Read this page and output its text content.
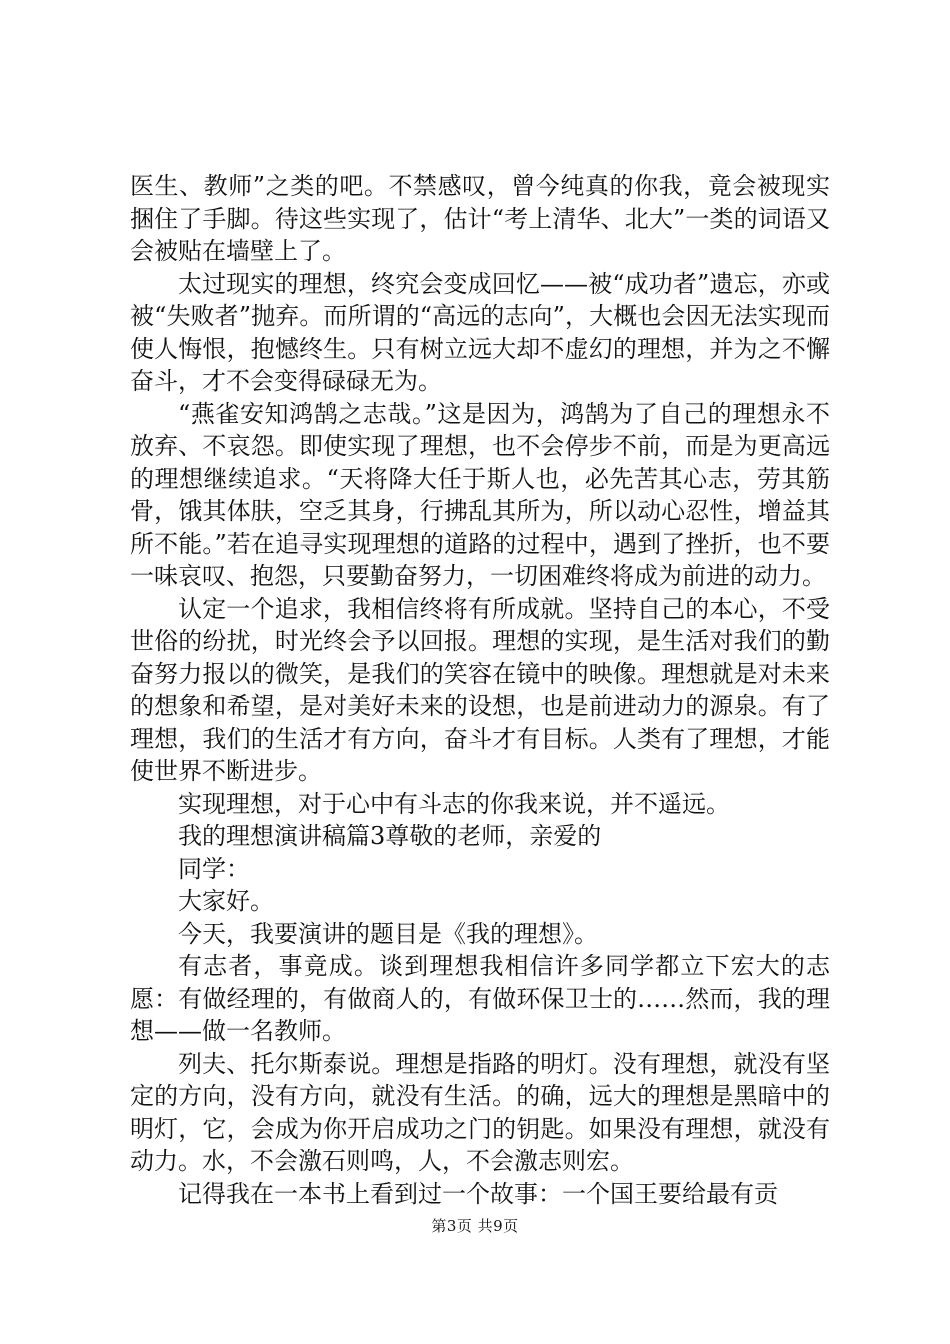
医生、教师”之类的吧。不禁感叹，曾今纯真的你我，竟会被现实捆住了手脚。待这些实现了，估计“考上清华、北大”一类的词语又会被贴在墙壁上了。

太过现实的理想，终究会变成回忆——被“成功者”遗忘，亦或被“失败者”抛弃。而所谓的“高远的志向”，大概也会因无法实现而使人悔恨，抱憾终生。只有树立远大却不虚幻的理想，并为之不懈奋斗，才不会变得碌碌无为。

“燕雀安知鸿鹄之志哉。”这是因为，鸿鹄为了自己的理想永不放弃、不哀怨。即使实现了理想，也不会停步不前，而是为更高远的理想继续追求。“天将降大任于斯人也，必先苦其心志，劳其筋骨，饿其体肤，空乏其身，行拂乱其所为，所以动心忍性，增益其所不能。”若在追寻实现理想的道路的过程中，遇到了挫折，也不要一味哀叹、抱怨，只要勤奋努力，一切困难终将成为前进的动力。

认定一个追求，我相信终将有所成就。坚持自己的本心，不受世俗的纷扰，时光终会予以回报。理想的实现，是生活对我们的勤奋努力报以的微笑，是我们的笑容在镜中的映像。理想就是对未来的想象和希望，是对美好未来的设想，也是前进动力的源泉。有了理想，我们的生活才有方向，奋斗才有目标。人类有了理想，才能使世界不断进步。

实现理想，对于心中有斗志的你我来说，并不遥远。

我的理想演讲稿篇3尊敬的老师，亲爱的

同学：

大家好。

今天，我要演讲的题目是《我的理想》。

有志者，事竟成。谈到理想我相信许多同学都立下宏大的志愿：有做经理的，有做商人的，有做环保卫士的……然而，我的理想——做一名教师。

列夫、托尔斯泰说。理想是指路的明灯。没有理想，就没有坚定的方向，没有方向，就没有生活。的确，远大的理想是黑暗中的明灯，它，会成为你开启成功之门的钥匙。如果没有理想，就没有动力。水，不会激石则鸣，人，不会激志则宏。

记得我在一本书上看到过一个故事：一个国王要给最有贡

第3页 共9页
